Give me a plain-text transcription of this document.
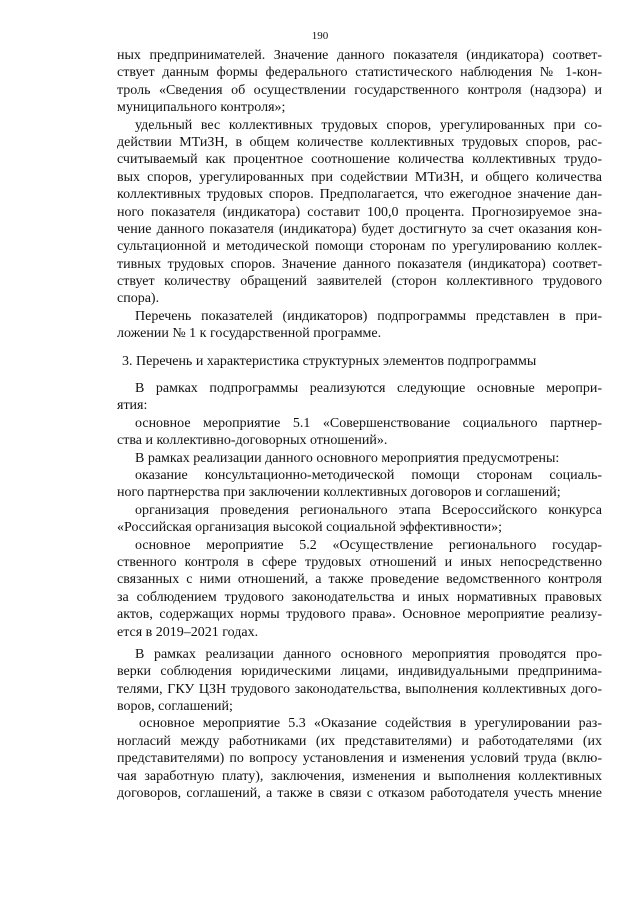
190
ных предпринимателей. Значение данного показателя (индикатора) соответ-
ствует данным формы федерального статистического наблюдения № 1-кон-
троль «Сведения об осуществлении государственного контроля (надзора) и
муниципального контроля»;
удельный вес коллективных трудовых споров, урегулированных при со-
действии МТиЗН, в общем количестве коллективных трудовых споров, рас-
считываемый как процентное соотношение количества коллективных трудо-
вых споров, урегулированных при содействии МТиЗН, и общего количества
коллективных трудовых споров. Предполагается, что ежегодное значение дан-
ного показателя (индикатора) составит 100,0 процента. Прогнозируемое зна-
чение данного показателя (индикатора) будет достигнуто за счет оказания кон-
сультационной и методической помощи сторонам по урегулированию коллек-
тивных трудовых споров. Значение данного показателя (индикатора) соответ-
ствует количеству обращений заявителей (сторон коллективного трудового
спора).
Перечень показателей (индикаторов) подпрограммы представлен в при-
ложении № 1 к государственной программе.
3. Перечень и характеристика структурных элементов подпрограммы
В рамках подпрограммы реализуются следующие основные меропри-
ятия:
основное мероприятие 5.1 «Совершенствование социального партнер-
ства и коллективно-договорных отношений».
В рамках реализации данного основного мероприятия предусмотрены:
оказание консультационно-методической помощи сторонам социаль-
ного партнерства при заключении коллективных договоров и соглашений;
организация проведения регионального этапа Всероссийского конкурса
«Российская организация высокой социальной эффективности»;
основное мероприятие 5.2 «Осуществление регионального государ-
ственного контроля в сфере трудовых отношений и иных непосредственно
связанных с ними отношений, а также проведение ведомственного контроля
за соблюдением трудового законодательства и иных нормативных правовых
актов, содержащих нормы трудового права». Основное мероприятие реализу-
ется в 2019–2021 годах.
В рамках реализации данного основного мероприятия проводятся про-
верки соблюдения юридическими лицами, индивидуальными предпринима-
телями, ГКУ ЦЗН трудового законодательства, выполнения коллективных дого-
воров, соглашений;
основное мероприятие 5.3 «Оказание содействия в урегулировании раз-
ногласий между работниками (их представителями) и работодателями (их
представителями) по вопросу установления и изменения условий труда (вклю-
чая заработную плату), заключения, изменения и выполнения коллективных
договоров, соглашений, а также в связи с отказом работодателя учесть мнение
